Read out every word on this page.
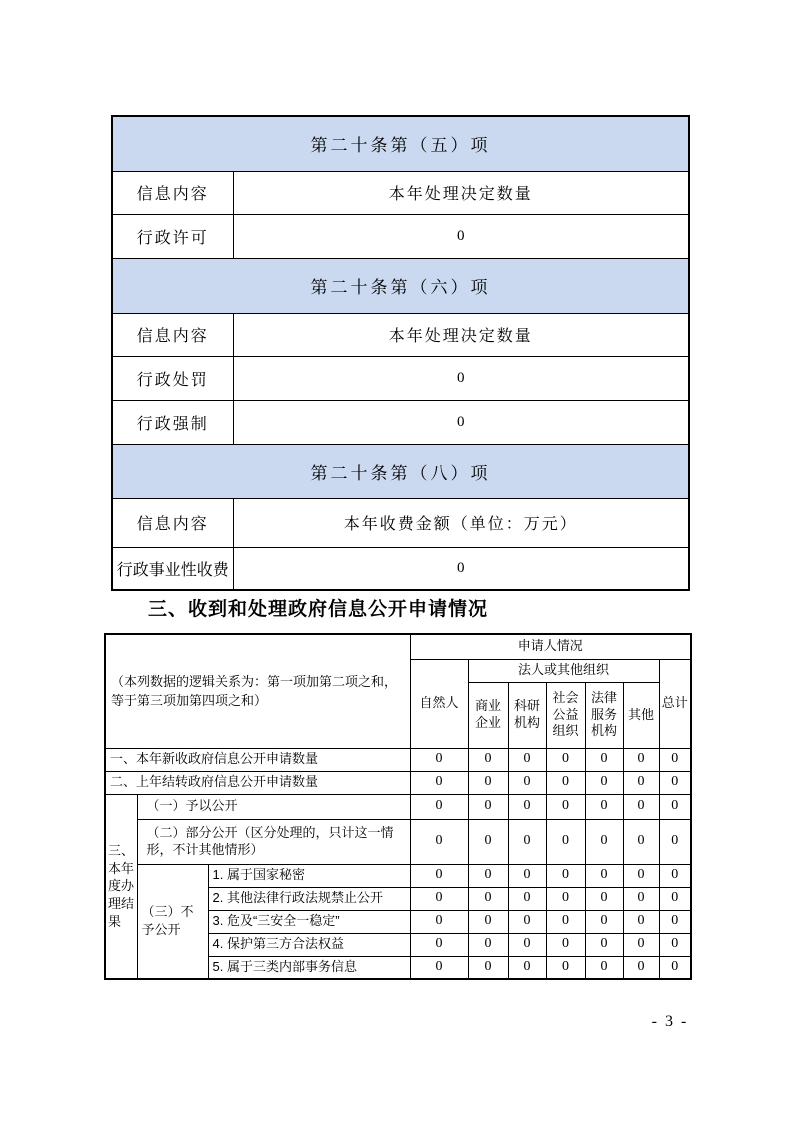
第二十条第（五）项	
信息内容	本年处理决定数量
行政许可	0
第二十条第（六）项	
信息内容	本年处理决定数量
行政处罚	0
行政强制	0
第二十条第（八）项	
信息内容	本年收费金额（单位：万元）
行政事业性收费	0
三、收到和处理政府信息公开申请情况
（本列数据的逻辑关系为：第一项加第二项之和，等于第三项加第四项之和）			申请人情况						
			自然人	法人或其他组织					总计
				商业企业	科研机构	社会公益组织	法律服务机构	其他	
一、本年新收政府信息公开申请数量			0	0	0	0	0	0	0
二、上年结转政府信息公开申请数量			0	0	0	0	0	0	0
三、本年度办理结果	（一）予以公开		0	0	0	0	0	0	0
	（二）部分公开（区分处理的，只计这一情形，不计其他情形）		0	0	0	0	0	0	0
	（三）不予公开	1. 属于国家秘密	0	0	0	0	0	0	0
		2. 其他法律行政法规禁止公开	0	0	0	0	0	0	0
		3. 危及“三安全一稳定”	0	0	0	0	0	0	0
		4. 保护第三方合法权益	0	0	0	0	0	0	0
		5. 属于三类内部事务信息	0	0	0	0	0	0	0
- 3 -
